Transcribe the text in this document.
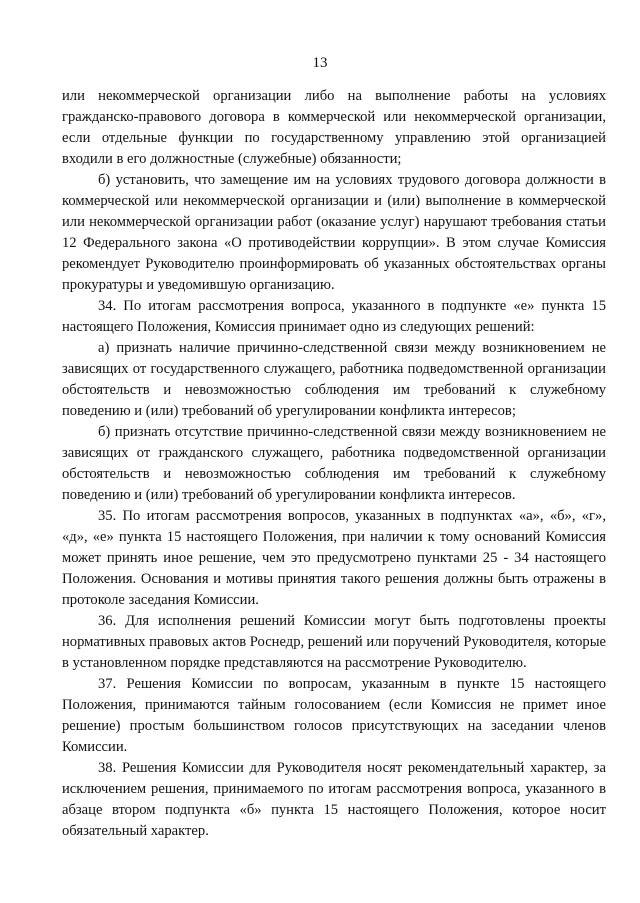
13

или некоммерческой организации либо на выполнение работы на условиях гражданско-правового договора в коммерческой или некоммерческой организации, если отдельные функции по государственному управлению этой организацией входили в его должностные (служебные) обязанности;

б) установить, что замещение им на условиях трудового договора должности в коммерческой или некоммерческой организации и (или) выполнение в коммерческой или некоммерческой организации работ (оказание услуг) нарушают требования статьи 12 Федерального закона «О противодействии коррупции». В этом случае Комиссия рекомендует Руководителю проинформировать об указанных обстоятельствах органы прокуратуры и уведомившую организацию.

34. По итогам рассмотрения вопроса, указанного в подпункте «е» пункта 15 настоящего Положения, Комиссия принимает одно из следующих решений:

а) признать наличие причинно-следственной связи между возникновением не зависящих от государственного служащего, работника подведомственной организации обстоятельств и невозможностью соблюдения им требований к служебному поведению и (или) требований об урегулировании конфликта интересов;

б) признать отсутствие причинно-следственной связи между возникновением не зависящих от гражданского служащего, работника подведомственной организации обстоятельств и невозможностью соблюдения им требований к служебному поведению и (или) требований об урегулировании конфликта интересов.

35. По итогам рассмотрения вопросов, указанных в подпунктах «а», «б», «г», «д», «е» пункта 15 настоящего Положения, при наличии к тому оснований Комиссия может принять иное решение, чем это предусмотрено пунктами 25 - 34 настоящего Положения. Основания и мотивы принятия такого решения должны быть отражены в протоколе заседания Комиссии.

36. Для исполнения решений Комиссии могут быть подготовлены проекты нормативных правовых актов Роснедр, решений или поручений Руководителя, которые в установленном порядке представляются на рассмотрение Руководителю.

37. Решения Комиссии по вопросам, указанным в пункте 15 настоящего Положения, принимаются тайным голосованием (если Комиссия не примет иное решение) простым большинством голосов присутствующих на заседании членов Комиссии.

38. Решения Комиссии для Руководителя носят рекомендательный характер, за исключением решения, принимаемого по итогам рассмотрения вопроса, указанного в абзаце втором подпункта «б» пункта 15 настоящего Положения, которое носит обязательный характер.
